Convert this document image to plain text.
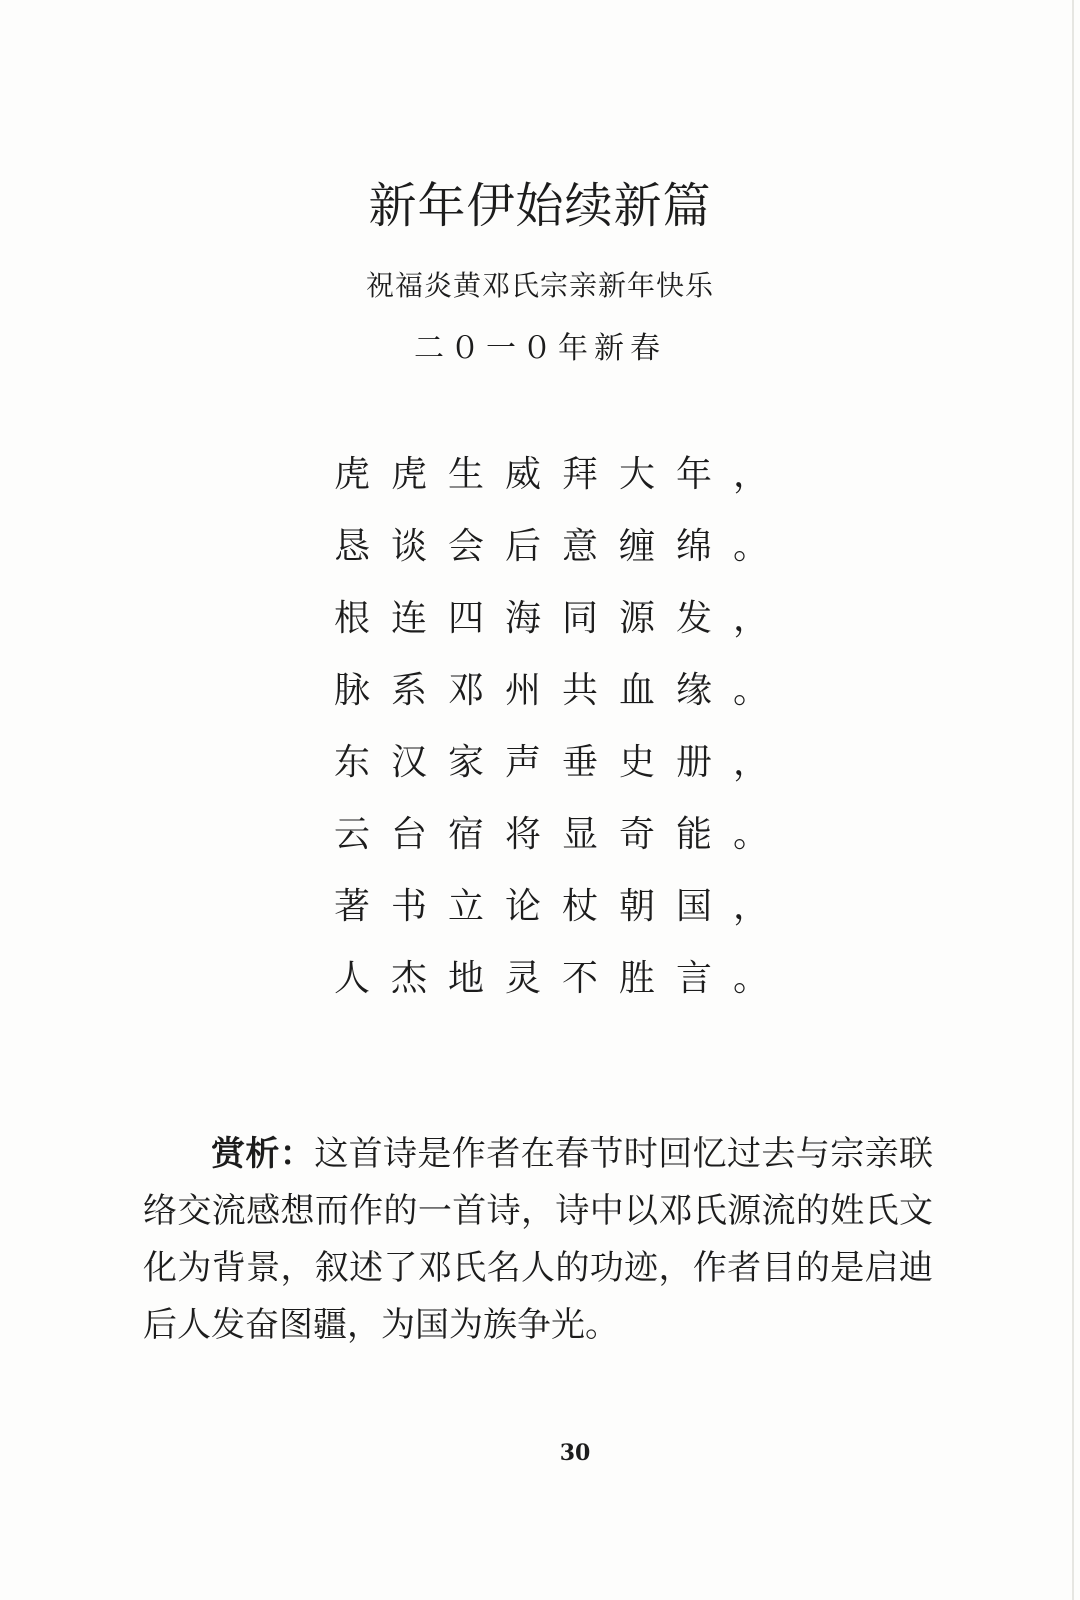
新年伊始续新篇
祝福炎黄邓氏宗亲新年快乐
二０一０年新春
虎虎生威拜大年，
恳谈会后意缠绵。
根连四海同源发，
脉系邓州共血缘。
东汉家声垂史册，
云台宿将显奇能。
著书立论杖朝国，
人杰地灵不胜言。
赏析：这首诗是作者在春节时回忆过去与宗亲联络交流感想而作的一首诗，诗中以邓氏源流的姓氏文化为背景，叙述了邓氏名人的功迹，作者目的是启迪后人发奋图疆，为国为族争光。
30
